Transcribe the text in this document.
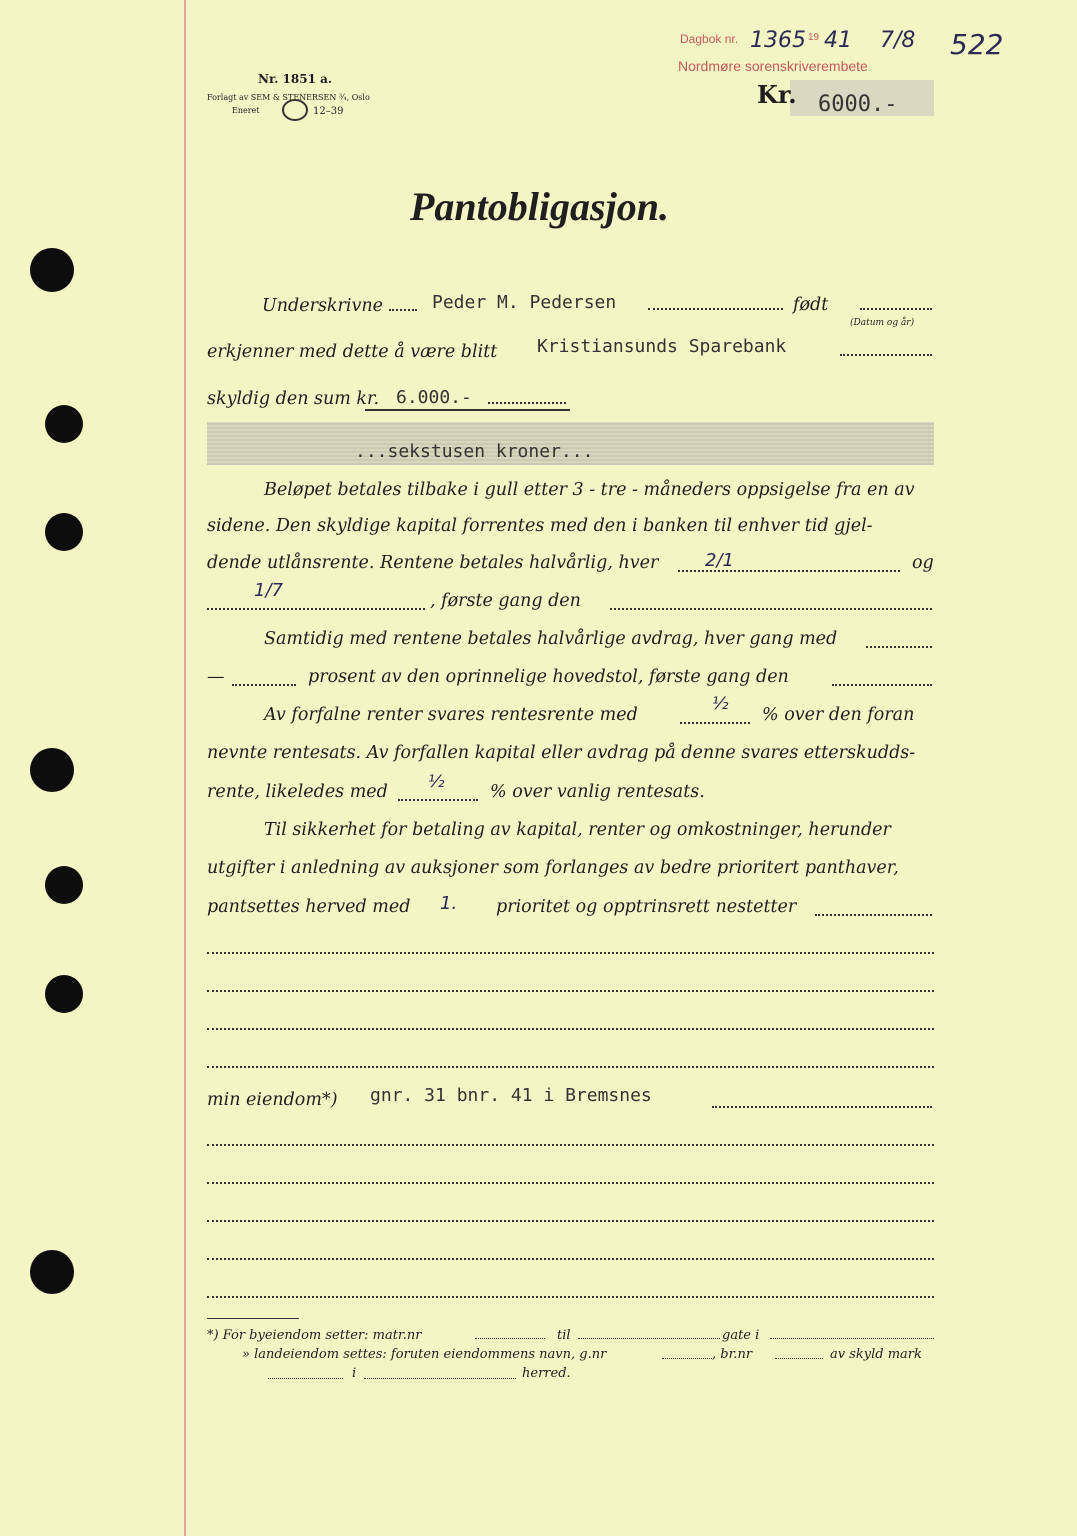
Nr. 1851 a.
Forlagt av SEM & STENERSEN ¾, Oslo
Eneret	12–39
Dagbok nr. 1365 19 41 7/8
Nordmøre sorenskriverembete
522
Kr. 6000.-
Pantobligasjon.
Underskrivne	Peder M. Pedersen	født
(Datum og år)
erkjenner med dette å være blitt	Kristiansunds Sparebank
skyldig den sum kr. 6.000.-
...sekstusen kroner...
Beløpet betales tilbake i gull etter 3 - tre - måneders oppsigelse fra en av
sidene. Den skyldige kapital forrentes med den i banken til enhver tid gjel-
dende utlånsrente. Rentene betales halvårlig, hver	2/1	og
1/7	, første gang den
Samtidig med rentene betales halvårlige avdrag, hver gang med
—	prosent av den oprinnelige hovedstol, første gang den
Av forfalne renter svares rentesrente med
½
% over den foran
nevnte rentesats. Av forfallen kapital eller avdrag på denne svares etterskudds-
rente, likeledes med	½	% over vanlig rentesats.
Til sikkerhet for betaling av kapital, renter og omkostninger, herunder
utgifter i anledning av auksjoner som forlanges av bedre prioritert panthaver,
pantsettes herved med	1. prioritet og opptrinsrett nestetter
min eiendom*)	gnr. 31 bnr. 41 i Bremsnes
*) For byeiendom setter: matr.nr	til	gate i
» landeiendom settes: foruten eiendommens navn, g.nr	, br.nr	av skyld mark
i	herred.
